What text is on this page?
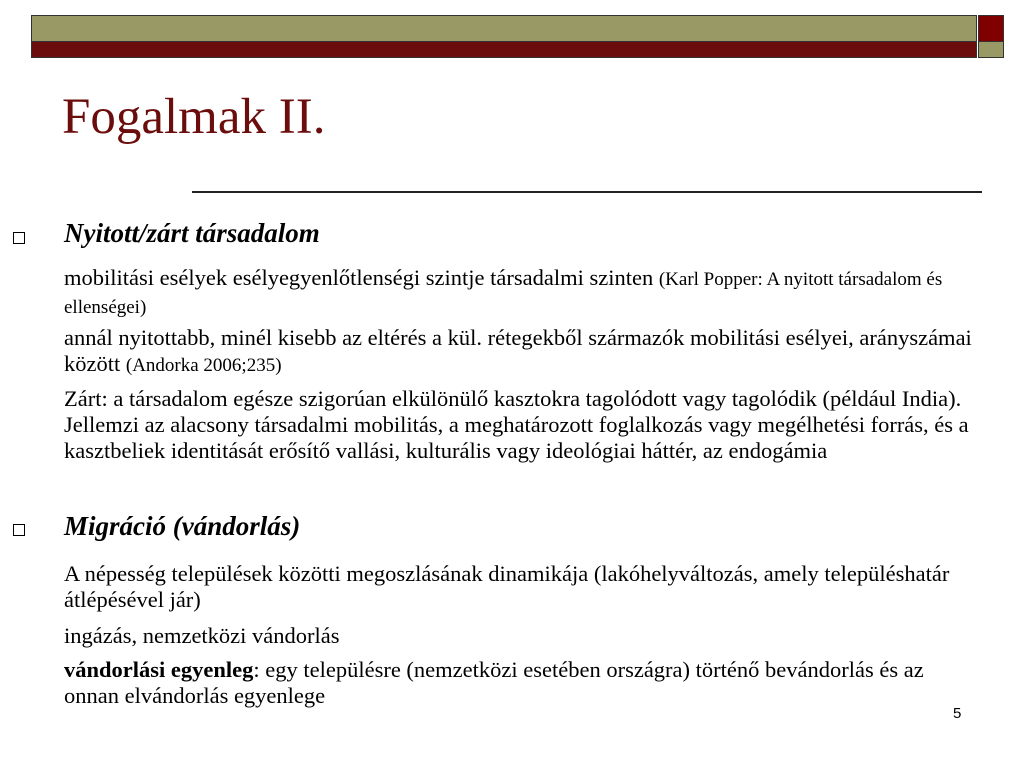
Fogalmak II.
Nyitott/zárt társadalom
mobilitási esélyek esélyegyenlőtlenségi szintje társadalmi szinten (Karl Popper: A nyitott társadalom és ellenségei)
annál nyitottabb, minél kisebb az eltérés a kül. rétegekből származók mobilitási esélyei, arányszámai között (Andorka 2006;235)
Zárt: a társadalom egésze szigorúan elkülönülő kasztokra tagolódott vagy tagolódik (például India). Jellemzi az alacsony társadalmi mobilitás, a meghatározott foglalkozás vagy megélhetési forrás, és a kasztbeliek identitását erősítő vallási, kulturális vagy ideológiai háttér, az endogámia
Migráció (vándorlás)
A népesség települések közötti megoszlásának dinamikája (lakóhelyváltozás, amely településhatár átlépésével jár)
ingázás, nemzetközi vándorlás
vándorlási egyenleg: egy településre (nemzetközi esetében országra) történő bevándorlás és az onnan elvándorlás egyenlege
5
